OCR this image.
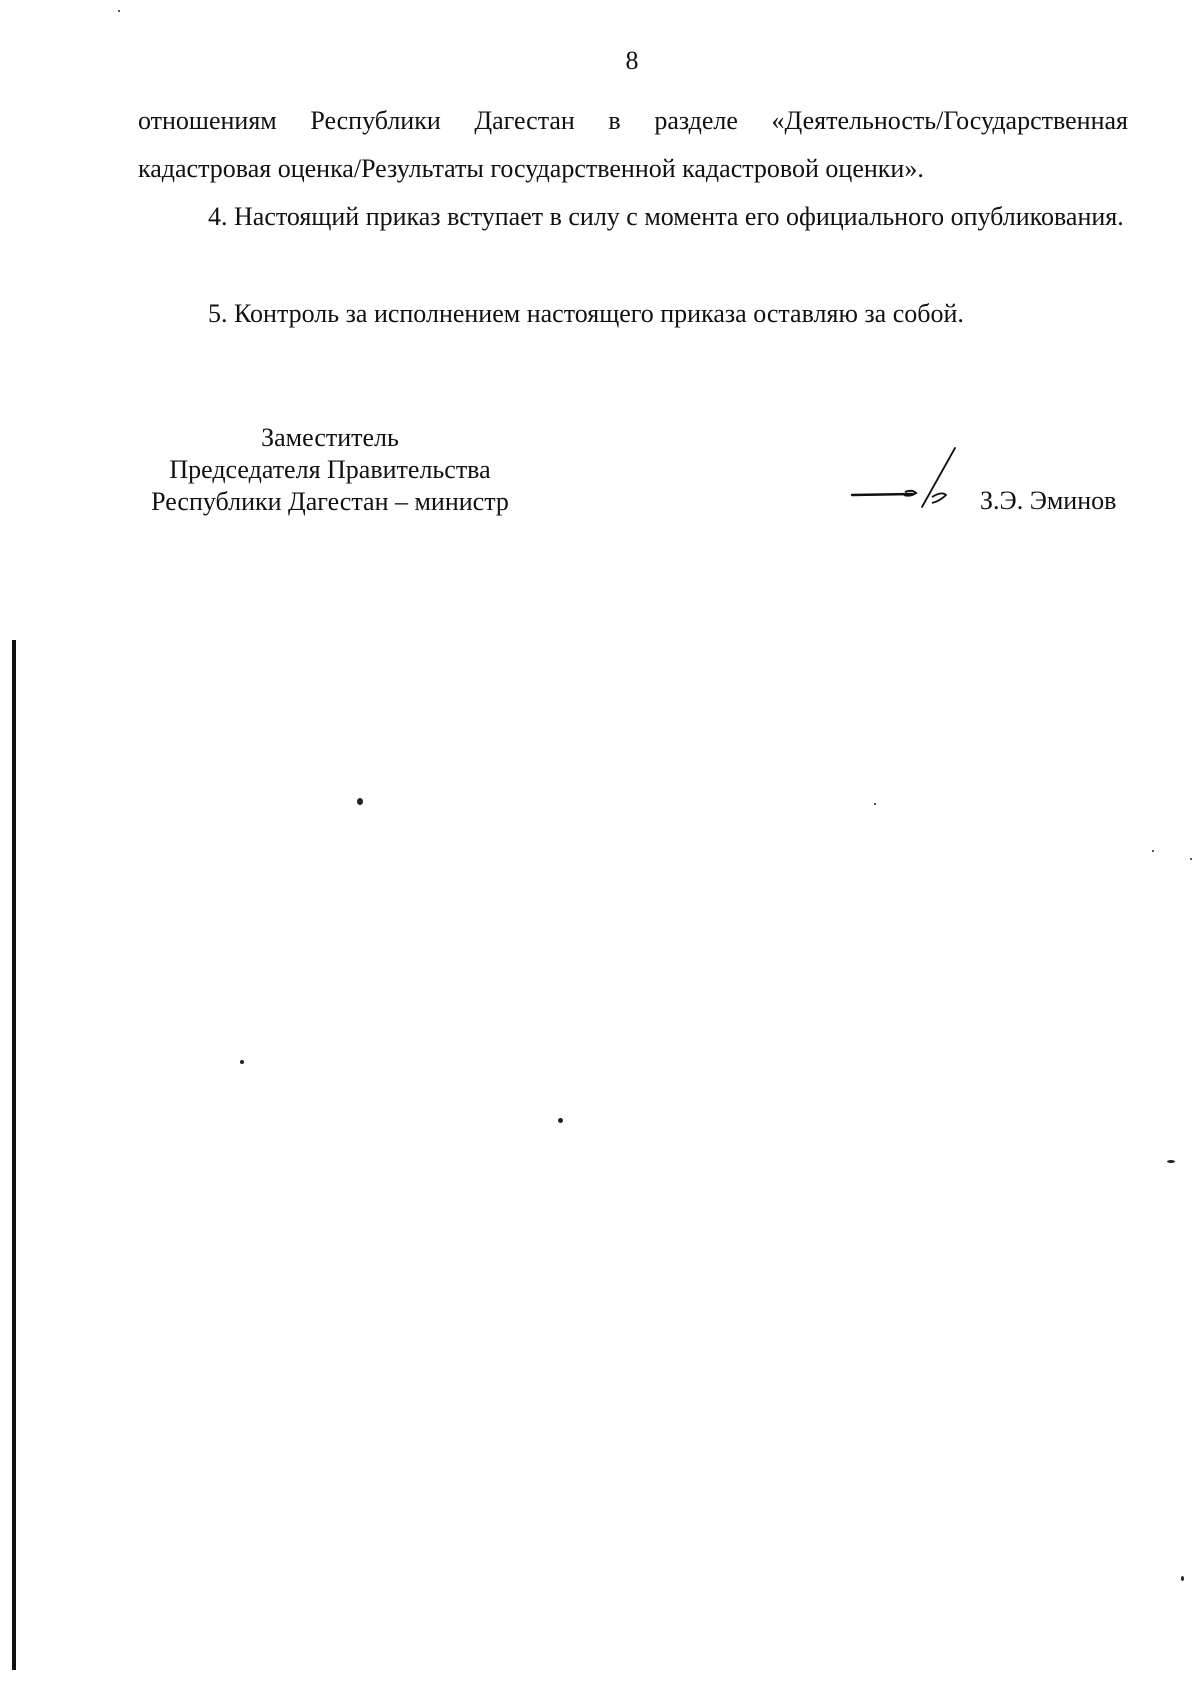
8

отношениям Республики Дагестан в разделе «Деятельность/Государственная кадастровая оценка/Результаты государственной кадастровой оценки».

4. Настоящий приказ вступает в силу с момента его официального опубликования.

5. Контроль за исполнением настоящего приказа оставляю за собой.

Заместитель
Председателя Правительства
Республики Дагестан – министр	З.Э. Эминов
